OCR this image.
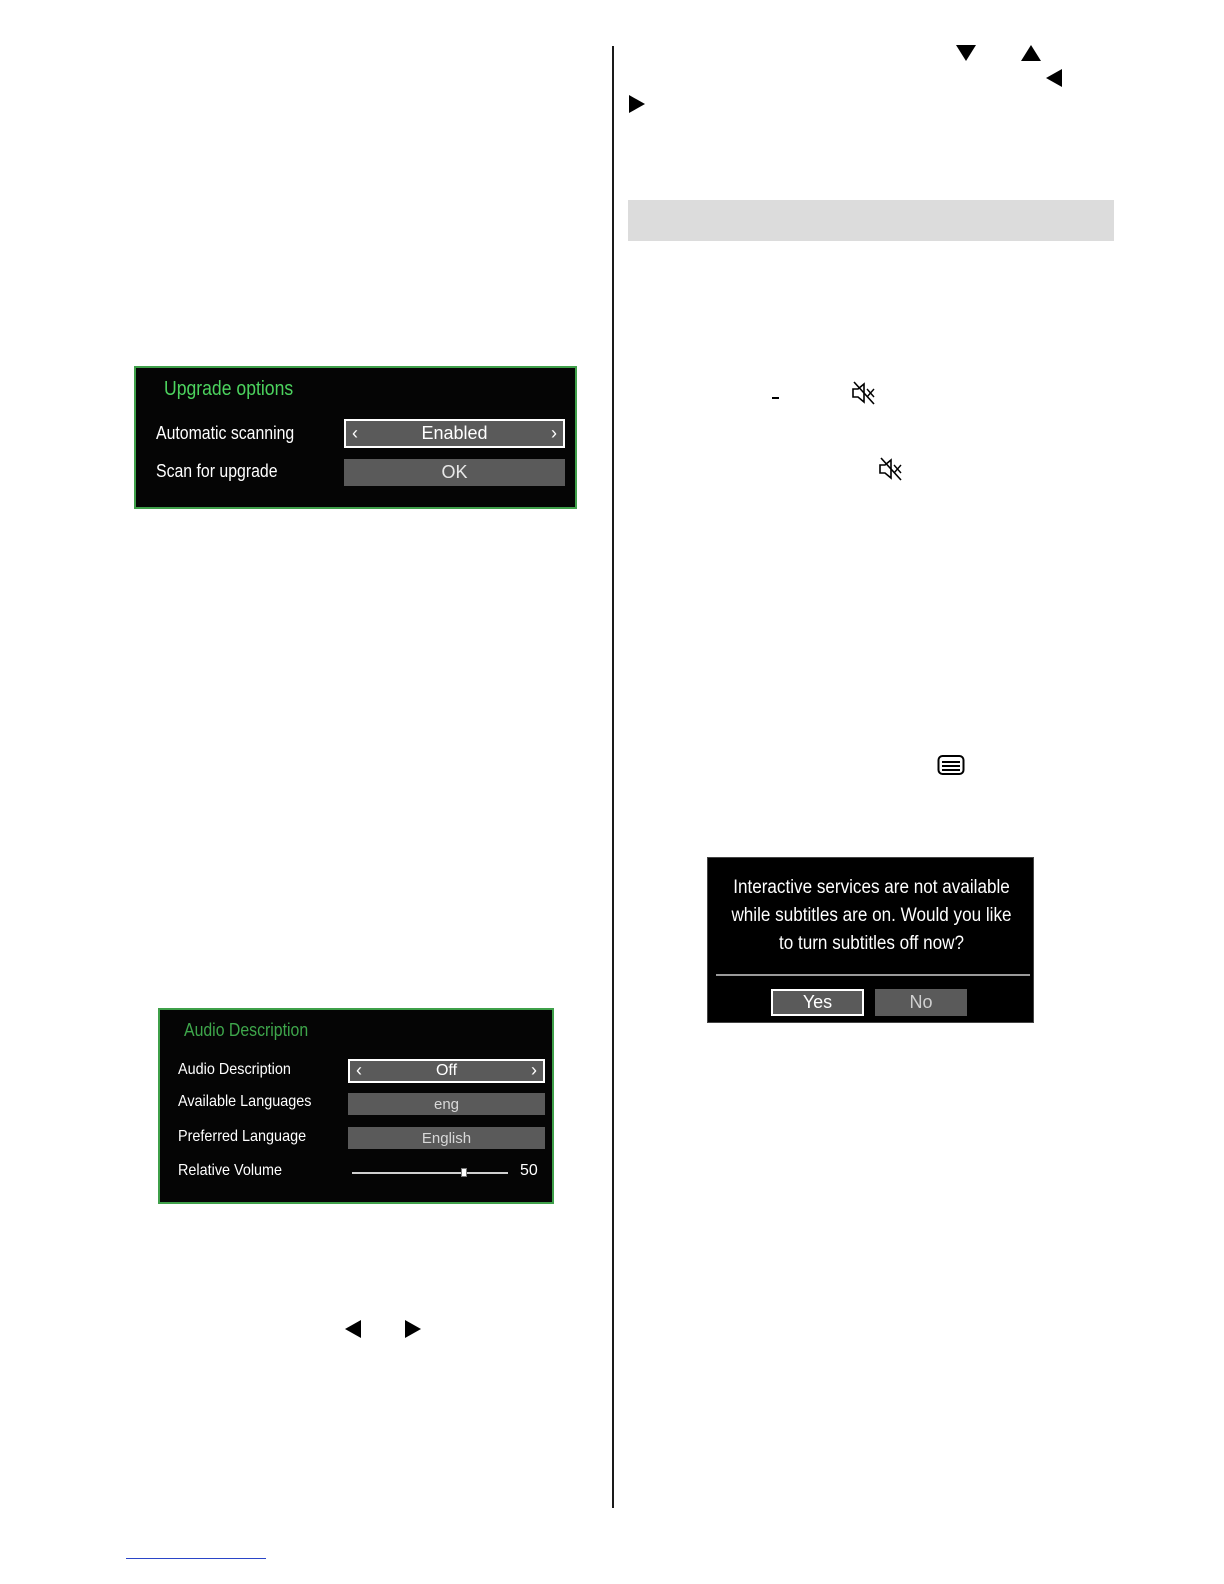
Upgrade options
Automatic scanning	‹	Enabled	›
Scan for upgrade	OK
Interactive services are not available while subtitles are on. Would you like to turn subtitles off now?
Yes	No
Audio Description
Audio Description	‹	Off	›
Available Languages	eng
Preferred Language	English
Relative Volume	50
